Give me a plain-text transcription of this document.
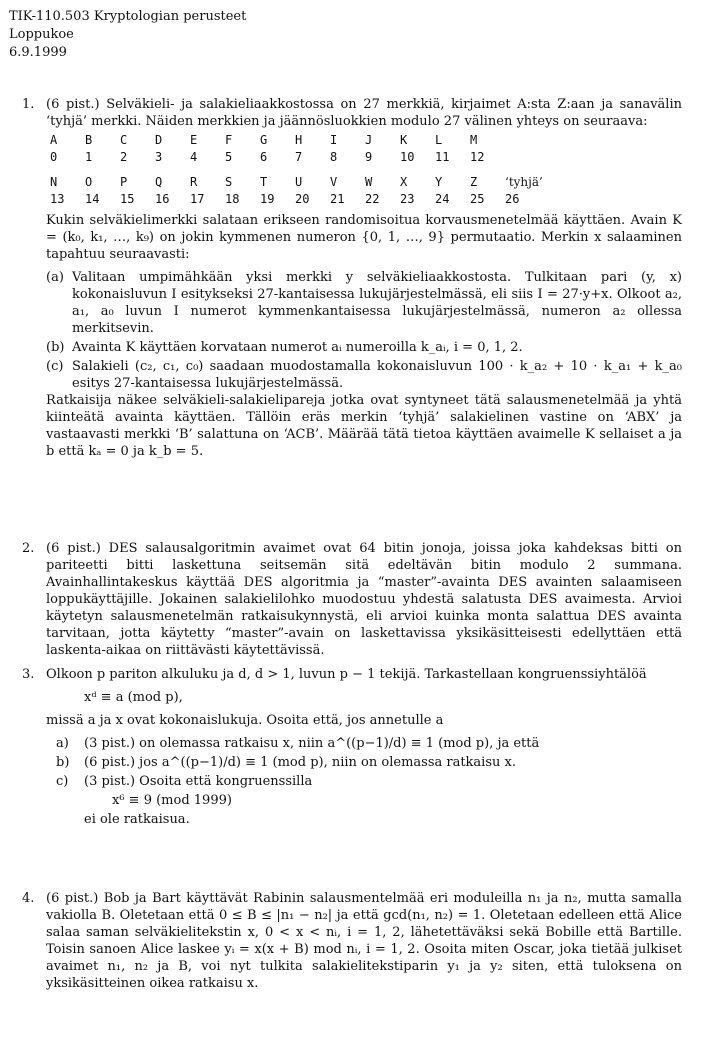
TIK-110.503 Kryptologian perusteet
Loppukoe
6.9.1999
1. (6 pist.) Selväkieli- ja salakieliaakkostossa on 27 merkkiä, kirjaimet A:sta Z:aan ja sanavälin ‘tyhjä’ merkki. Näiden merkkien ja jäännösluokkien modulo 27 välinen yhteys on seuraava:

A	B	C	D	E	F	G	H	I	J	K	L	M	
0	1	2	3	4	5	6	7	8	9	10	11	12	

N	O	P	Q	R	S	T	U	V	W	X	Y	Z	‘tyhjä’
13	14	15	16	17	18	19	20	21	22	23	24	25	26

Kukin selväkielimerkki salataan erikseen randomisoitua korvausmenetelmää käyttäen. Avain K = (k₀, k₁, …, k₉) on jokin kymmenen numeron {0, 1, …, 9} permutaatio. Merkin x salaaminen tapahtuu seuraavasti:

(a) Valitaan umpimähkään yksi merkki y selväkieliaakkostosta. Tulkitaan pari (y, x) kokonaisluvun I esitykseksi 27-kantaisessa lukujärjestelmässä, eli siis I = 27·y+x. Olkoot a₂, a₁, a₀ luvun I numerot kymmenkantaisessa lukujärjestelmässä, numeron a₂ ollessa merkitsevin.
(b) Avainta K käyttäen korvataan numerot aᵢ numeroilla k_aᵢ, i = 0, 1, 2.
(c) Salakieli (c₂, c₁, c₀) saadaan muodostamalla kokonaisluvun 100 · k_a₂ + 10 · k_a₁ + k_a₀ esitys 27-kantaisessa lukujärjestelmässä.

Ratkaisija näkee selväkieli-salakielipareja jotka ovat syntyneet tätä salausmenetelmää ja yhtä kiinteätä avainta käyttäen. Tällöin eräs merkin ‘tyhjä’ salakielinen vastine on ‘ABX’ ja vastaavasti merkki ‘B’ salattuna on ‘ACB’. Määrää tätä tietoa käyttäen avaimelle K sellaiset a ja b että kₐ = 0 ja k_b = 5.

2. (6 pist.) DES salausalgoritmin avaimet ovat 64 bitin jonoja, joissa joka kahdeksas bitti on pariteetti bitti laskettuna seitsemän sitä edeltävän bitin modulo 2 summana. Avainhallintakeskus käyttää DES algoritmia ja “master”-avainta DES avainten salaamiseen loppukäyttäjille. Jokainen salakielilohko muodostuu yhdestä salatusta DES avaimesta. Arvioi käytetyn salausmenetelmän ratkaisukynnystä, eli arvioi kuinka monta salattua DES avainta tarvitaan, jotta käytetty “master”-avain on laskettavissa yksikäsitteisesti edellyttäen että laskenta-aikaa on riittävästi käytettävissä.

3. Olkoon p pariton alkuluku ja d, d > 1, luvun p − 1 tekijä. Tarkastellaan kongruenssiyhtälöä

xᵈ ≡ a (mod p),

missä a ja x ovat kokonaislukuja. Osoita että, jos annetulle a

a)	(3 pist.) on olemassa ratkaisu x, niin a^((p−1)/d) ≡ 1 (mod p), ja että
b)	(6 pist.) jos a^((p−1)/d) ≡ 1 (mod p), niin on olemassa ratkaisu x.
c)	(3 pist.) Osoita että kongruenssilla
x⁶ ≡ 9 (mod 1999)
ei ole ratkaisua.
4. (6 pist.) Bob ja Bart käyttävät Rabinin salausmentelmää eri moduleilla n₁ ja n₂, mutta samalla vakiolla B. Oletetaan että 0 ≤ B ≤ |n₁ − n₂| ja että gcd(n₁, n₂) = 1. Oletetaan edelleen että Alice salaa saman selväkielitekstin x, 0 < x < nᵢ, i = 1, 2, lähetettäväksi sekä Bobille että Bartille. Toisin sanoen Alice laskee yᵢ = x(x + B) mod nᵢ, i = 1, 2. Osoita miten Oscar, joka tietää julkiset avaimet n₁, n₂ ja B, voi nyt tulkita salakielitekstiparin y₁ ja y₂ siten, että tuloksena on yksikäsitteinen oikea ratkaisu x.
